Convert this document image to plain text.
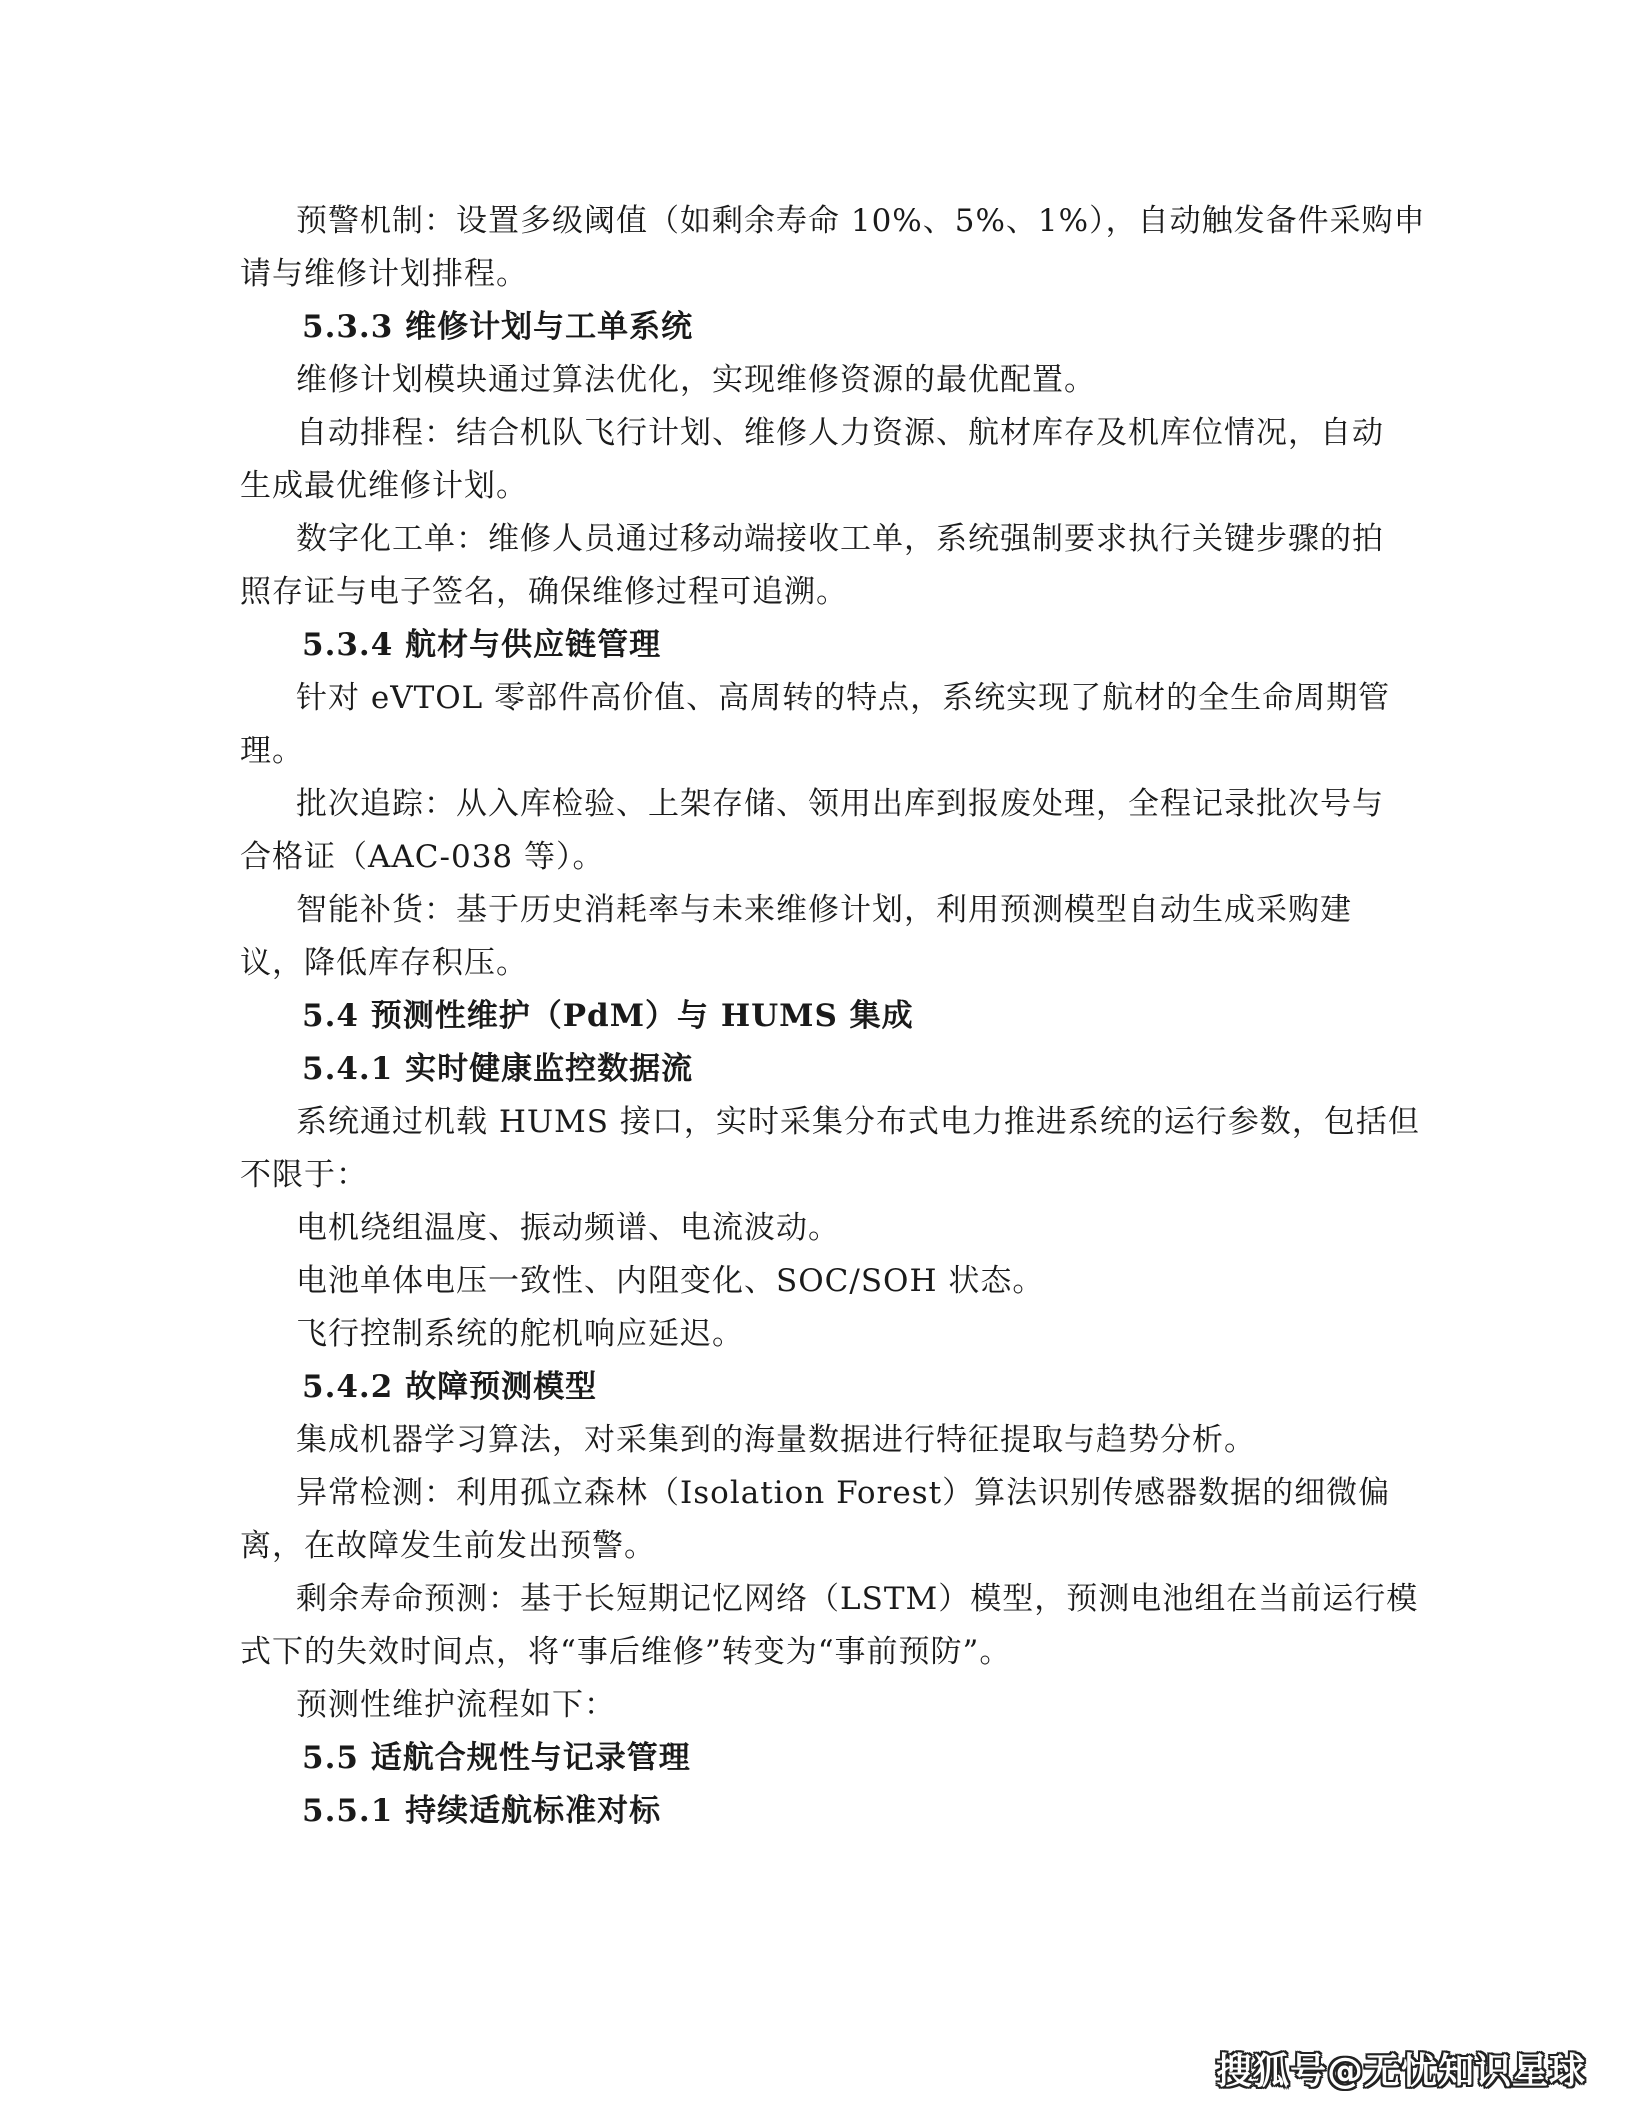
预警机制：设置多级阈值（如剩余寿命 10%、5%、1%），自动触发备件采购申
请与维修计划排程。

5.3.3 维修计划与工单系统

维修计划模块通过算法优化，实现维修资源的最优配置。

自动排程：结合机队飞行计划、维修人力资源、航材库存及机库位情况，自动
生成最优维修计划。

数字化工单：维修人员通过移动端接收工单，系统强制要求执行关键步骤的拍
照存证与电子签名，确保维修过程可追溯。

5.3.4 航材与供应链管理

针对 eVTOL 零部件高价值、高周转的特点，系统实现了航材的全生命周期管
理。

批次追踪：从入库检验、上架存储、领用出库到报废处理，全程记录批次号与
合格证（AAC-038 等）。

智能补货：基于历史消耗率与未来维修计划，利用预测模型自动生成采购建
议，降低库存积压。

5.4 预测性维护（PdM）与 HUMS 集成
5.4.1 实时健康监控数据流

系统通过机载 HUMS 接口，实时采集分布式电力推进系统的运行参数，包括但
不限于：

电机绕组温度、振动频谱、电流波动。

电池单体电压一致性、内阻变化、SOC/SOH 状态。

飞行控制系统的舵机响应延迟。

5.4.2 故障预测模型

集成机器学习算法，对采集到的海量数据进行特征提取与趋势分析。

异常检测：利用孤立森林（Isolation Forest）算法识别传感器数据的细微偏
离，在故障发生前发出预警。

剩余寿命预测：基于长短期记忆网络（LSTM）模型，预测电池组在当前运行模
式下的失效时间点，将“事后维修”转变为“事前预防”。

预测性维护流程如下：

5.5 适航合规性与记录管理
5.5.1 持续适航标准对标
搜狐号@无忧知识星球
